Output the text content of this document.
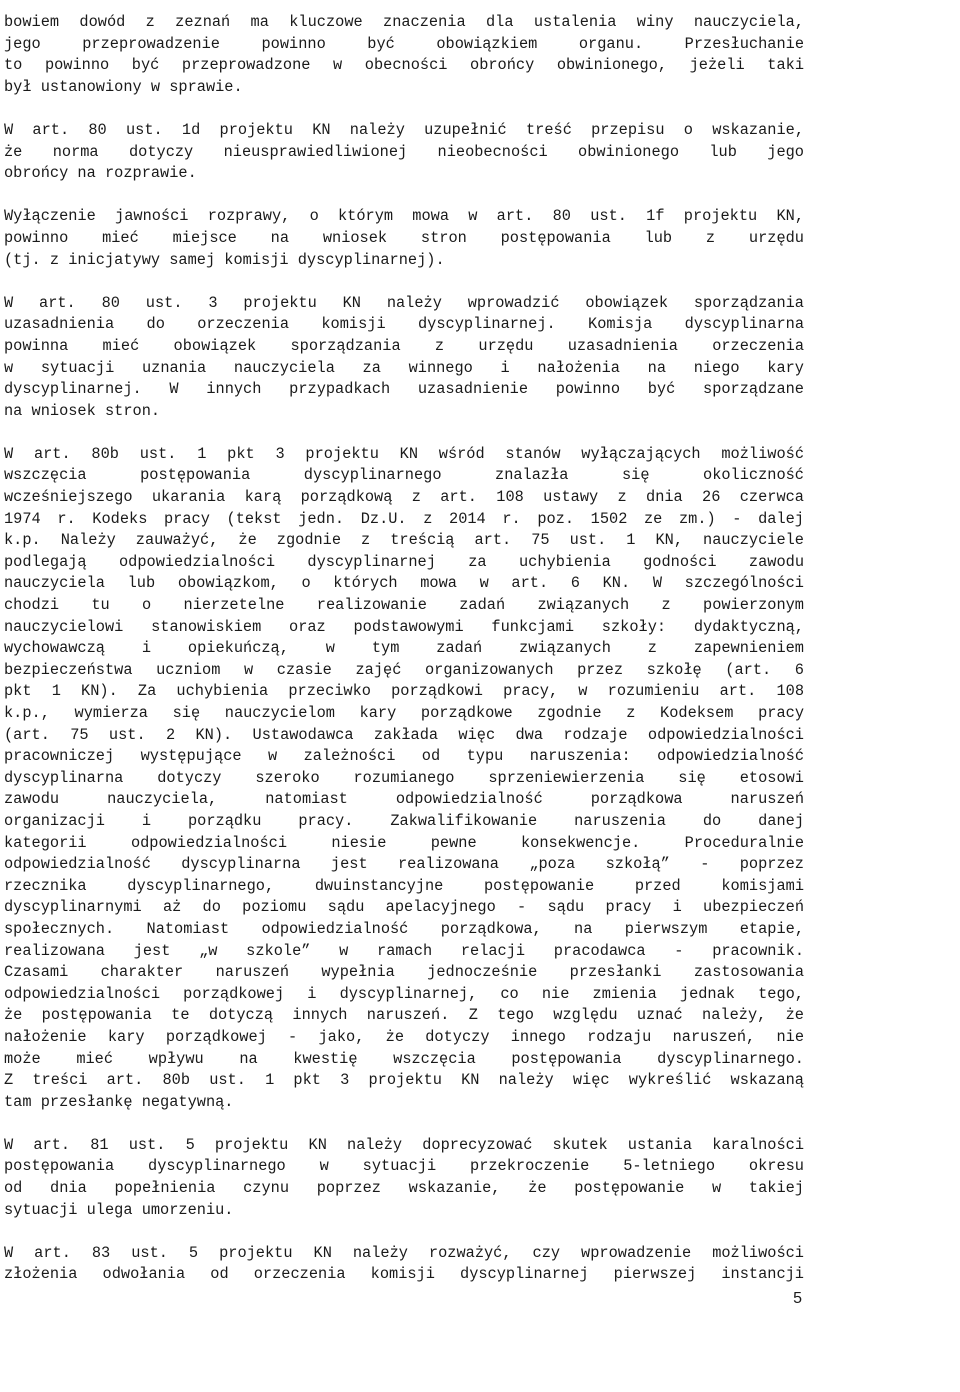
bowiem dowód z zeznań ma kluczowe znaczenia dla ustalenia winy nauczyciela,
jego przeprowadzenie powinno być obowiązkiem organu. Przesłuchanie
to powinno być przeprowadzone w obecności obrońcy obwinionego, jeżeli taki
był ustanowiony w sprawie.
W art. 80 ust. 1d projektu KN należy uzupełnić treść przepisu o wskazanie,
że norma dotyczy nieusprawiedliwionej nieobecności obwinionego lub jego
obrońcy na rozprawie.
Wyłączenie jawności rozprawy, o którym mowa w art. 80 ust. 1f projektu KN,
powinno mieć miejsce na wniosek stron postępowania lub z urzędu
(tj. z inicjatywy samej komisji dyscyplinarnej).
W art. 80 ust. 3 projektu KN należy wprowadzić obowiązek sporządzania
uzasadnienia do orzeczenia komisji dyscyplinarnej. Komisja dyscyplinarna
powinna mieć obowiązek sporządzania z urzędu uzasadnienia orzeczenia
w sytuacji uznania nauczyciela za winnego i nałożenia na niego kary
dyscyplinarnej. W innych przypadkach uzasadnienie powinno być sporządzane
na wniosek stron.
W art. 80b ust. 1 pkt 3 projektu KN wśród stanów wyłączających możliwość
wszczęcia postępowania dyscyplinarnego znalazła się okoliczność
wcześniejszego ukarania karą porządkową z art. 108 ustawy z dnia 26 czerwca
1974 r. Kodeks pracy (tekst jedn. Dz.U. z 2014 r. poz. 1502 ze zm.) - dalej
k.p. Należy zauważyć, że zgodnie z treścią art. 75 ust. 1 KN, nauczyciele
podlegają odpowiedzialności dyscyplinarnej za uchybienia godności zawodu
nauczyciela lub obowiązkom, o których mowa w art. 6 KN. W szczególności
chodzi tu o nierzetelne realizowanie zadań związanych z powierzonym
nauczycielowi stanowiskiem oraz podstawowymi funkcjami szkoły: dydaktyczną,
wychowawczą i opiekuńczą, w tym zadań związanych z zapewnieniem
bezpieczeństwa uczniom w czasie zajęć organizowanych przez szkołę (art. 6
pkt 1 KN). Za uchybienia przeciwko porządkowi pracy, w rozumieniu art. 108
k.p., wymierza się nauczycielom kary porządkowe zgodnie z Kodeksem pracy
(art. 75 ust. 2 KN). Ustawodawca zakłada więc dwa rodzaje odpowiedzialności
pracowniczej występujące w zależności od typu naruszenia: odpowiedzialność
dyscyplinarna dotyczy szeroko rozumianego sprzeniewierzenia się etosowi
zawodu nauczyciela, natomiast odpowiedzialność porządkowa naruszeń
organizacji i porządku pracy. Zakwalifikowanie naruszenia do danej
kategorii odpowiedzialności niesie pewne konsekwencje. Proceduralnie
odpowiedzialność dyscyplinarna jest realizowana „poza szkołą” - poprzez
rzecznika dyscyplinarnego, dwuinstancyjne postępowanie przed komisjami
dyscyplinarnymi aż do poziomu sądu apelacyjnego - sądu pracy i ubezpieczeń
społecznych. Natomiast odpowiedzialność porządkowa, na pierwszym etapie,
realizowana jest „w szkole” w ramach relacji pracodawca - pracownik.
Czasami charakter naruszeń wypełnia jednocześnie przesłanki zastosowania
odpowiedzialności porządkowej i dyscyplinarnej, co nie zmienia jednak tego,
że postępowania te dotyczą innych naruszeń. Z tego względu uznać należy, że
nałożenie kary porządkowej - jako, że dotyczy innego rodzaju naruszeń, nie
może mieć wpływu na kwestię wszczęcia postępowania dyscyplinarnego.
Z treści art. 80b ust. 1 pkt 3 projektu KN należy więc wykreślić wskazaną
tam przesłankę negatywną.
W art. 81 ust. 5 projektu KN należy doprecyzować skutek ustania karalności
postępowania dyscyplinarnego w sytuacji przekroczenie 5-letniego okresu
od dnia popełnienia czynu poprzez wskazanie, że postępowanie w takiej
sytuacji ulega umorzeniu.
W art. 83 ust. 5 projektu KN należy rozważyć, czy wprowadzenie możliwości
złożenia odwołania od orzeczenia komisji dyscyplinarnej pierwszej instancji
5
